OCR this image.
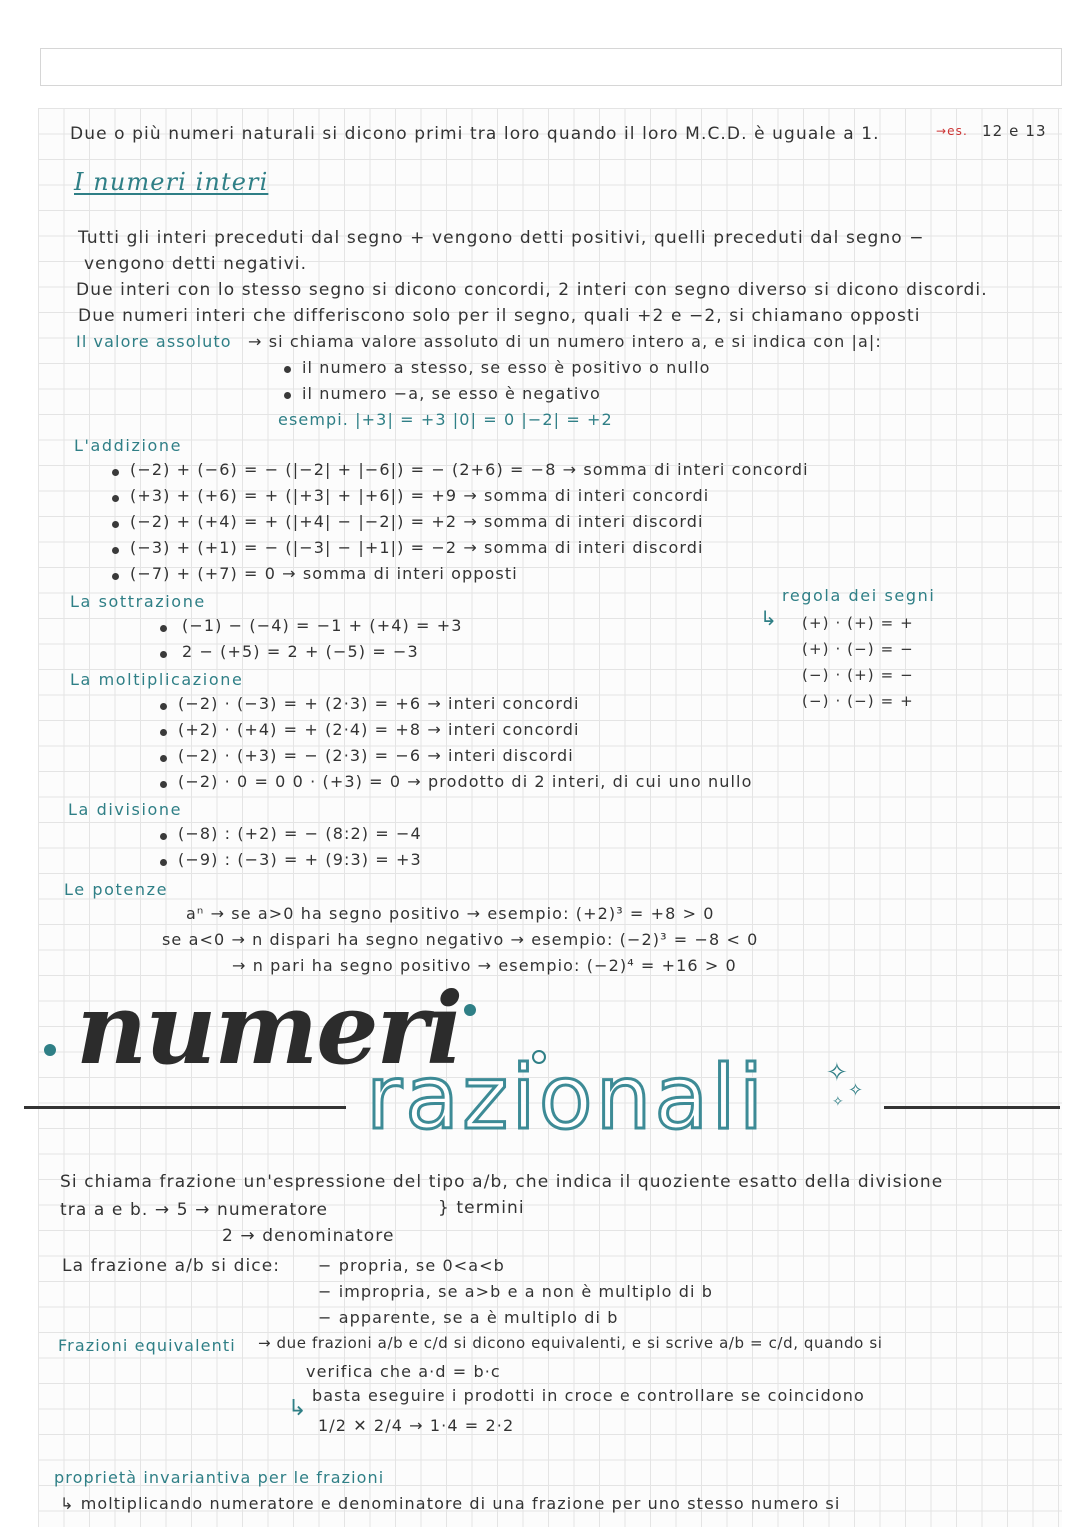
Due o più numeri naturali si dicono primi tra loro quando il loro M.C.D. è uguale a 1.	→es. 12 e 13

I numeri interi

Tutti gli interi preceduti dal segno + vengono detti positivi, quelli preceduti dal segno −

vengono detti negativi.

Due interi con lo stesso segno si dicono concordi, 2 interi con segno diverso si dicono discordi.

Due numeri interi che differiscono solo per il segno, quali +2 e −2, si chiamano opposti

Il valore assoluto → si chiama valore assoluto di un numero intero a, e si indica con |a|:

il numero a stesso, se esso è positivo o nullo

il numero −a, se esso è negativo

esempi. |+3| = +3 |0| = 0 |−2| = +2

L'addizione

(−2) + (−6) = − (|−2| + |−6|) = − (2+6) = −8 → somma di interi concordi

(+3) + (+6) = + (|+3| + |+6|) = +9 → somma di interi concordi

(−2) + (+4) = + (|+4| − |−2|) = +2 → somma di interi discordi

(−3) + (+1) = − (|−3| − |+1|) = −2 → somma di interi discordi

(−7) + (+7) = 0 → somma di interi opposti

La sottrazione

(−1) − (−4) = −1 + (+4) = +3

2 − (+5) = 2 + (−5) = −3

regola dei segni

↳ (+) · (+) = +

(+) · (−) = −

(−) · (+) = −

(−) · (−) = +

La moltiplicazione

(−2) · (−3) = + (2·3) = +6 → interi concordi

(+2) · (+4) = + (2·4) = +8 → interi concordi

(−2) · (+3) = − (2·3) = −6 → interi discordi

(−2) · 0 = 0 0 · (+3) = 0 → prodotto di 2 interi, di cui uno nullo

La divisione

(−8) : (+2) = − (8:2) = −4

(−9) : (−3) = + (9:3) = +3

Le potenze

aⁿ → se a>0 ha segno positivo → esempio: (+2)³ = +8 > 0

se a<0 → n dispari ha segno negativo → esempio: (−2)³ = −8 < 0

→ n pari ha segno positivo → esempio: (−2)⁴ = +16 > 0

numeri

razionali ✧
✧
✧

Si chiama frazione un'espressione del tipo a/b, che indica il quoziente esatto della divisione

tra a e b. → 5 → numeratore

2 → denominatore

} termini

La frazione a/b si dice: − propria, se 0<a<b

− impropria, se a>b e a non è multiplo di b

− apparente, se a è multiplo di b

Frazioni equivalenti → due frazioni a/b e c/d si dicono equivalenti, e si scrive a/b = c/d, quando si

verifica che a·d = b·c

↳

basta eseguire i prodotti in croce e controllare se coincidono

1/2 ✕ 2/4 → 1·4 = 2·2

proprietà invariantiva per le frazioni

↳ moltiplicando numeratore e denominatore di una frazione per uno stesso numero si
